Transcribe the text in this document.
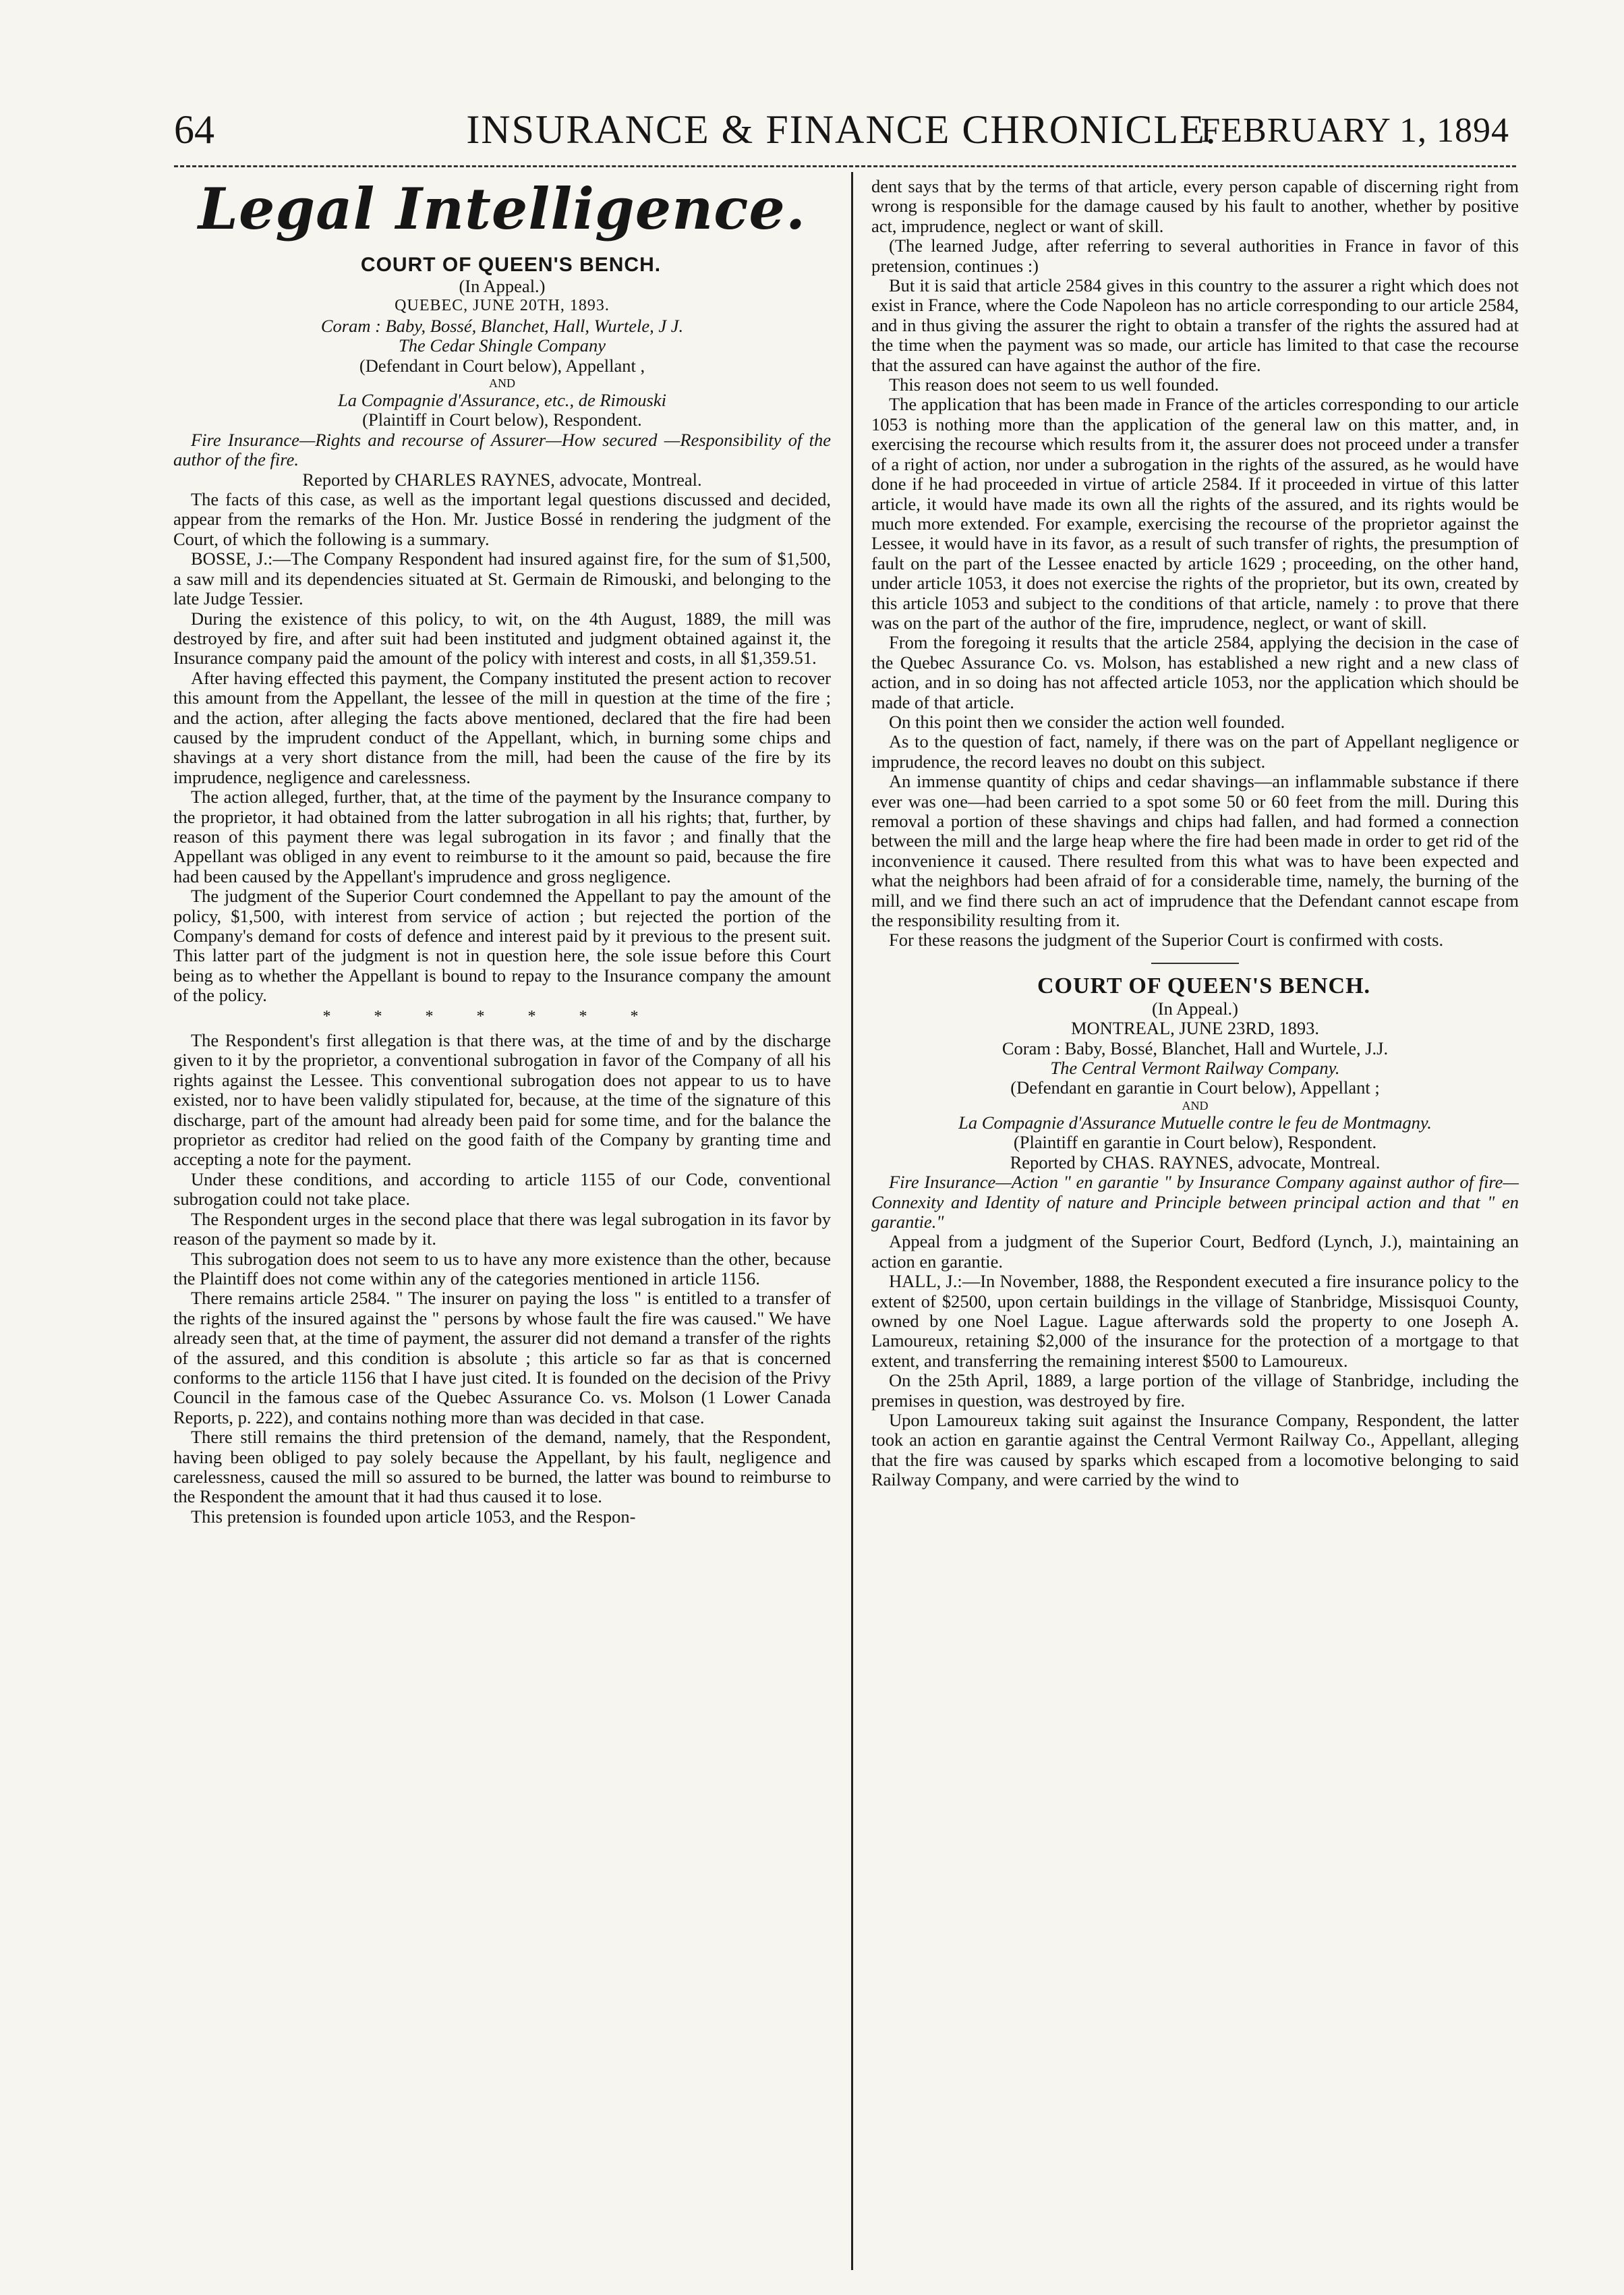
64	INSURANCE & FINANCE CHRONICLE.
FEBRUARY 1, 1894
Legal Intelligence.

COURT OF QUEEN'S BENCH.

(In Appeal.)

QUEBEC, JUNE 20TH, 1893.

Coram : Baby, Bossé, Blanchet, Hall, Wurtele, J J.

The Cedar Shingle Company

(Defendant in Court below), Appellant ,

AND

La Compagnie d'Assurance, etc., de Rimouski

(Plaintiff in Court below), Respondent.

Fire Insurance—Rights and recourse of Assurer—How secured —Responsibility of the author of the fire.

Reported by CHARLES RAYNES, advocate, Montreal.

The facts of this case, as well as the important legal questions discussed and decided, appear from the remarks of the Hon. Mr. Justice Bossé in rendering the judgment of the Court, of which the following is a summary.

BOSSE, J.:—The Company Respondent had insured against fire, for the sum of $1,500, a saw mill and its dependencies situated at St. Germain de Rimouski, and belonging to the late Judge Tessier.

During the existence of this policy, to wit, on the 4th August, 1889, the mill was destroyed by fire, and after suit had been instituted and judgment obtained against it, the Insurance company paid the amount of the policy with interest and costs, in all $1,359.51.

After having effected this payment, the Company instituted the present action to recover this amount from the Appellant, the lessee of the mill in question at the time of the fire ; and the action, after alleging the facts above mentioned, declared that the fire had been caused by the imprudent conduct of the Appellant, which, in burning some chips and shavings at a very short distance from the mill, had been the cause of the fire by its imprudence, negligence and carelessness.

The action alleged, further, that, at the time of the payment by the Insurance company to the proprietor, it had obtained from the latter subrogation in all his rights; that, further, by reason of this payment there was legal subrogation in its favor ; and finally that the Appellant was obliged in any event to reimburse to it the amount so paid, because the fire had been caused by the Appellant's imprudence and gross negligence.

The judgment of the Superior Court condemned the Appellant to pay the amount of the policy, $1,500, with interest from service of action ; but rejected the portion of the Company's demand for costs of defence and interest paid by it previous to the present suit. This latter part of the judgment is not in question here, the sole issue before this Court being as to whether the Appellant is bound to repay to the Insurance company the amount of the policy.

*******

The Respondent's first allegation is that there was, at the time of and by the discharge given to it by the proprietor, a conventional subrogation in favor of the Company of all his rights against the Lessee. This conventional subrogation does not appear to us to have existed, nor to have been validly stipulated for, because, at the time of the signature of this discharge, part of the amount had already been paid for some time, and for the balance the proprietor as creditor had relied on the good faith of the Company by granting time and accepting a note for the payment.

Under these conditions, and according to article 1155 of our Code, conventional subrogation could not take place.

The Respondent urges in the second place that there was legal subrogation in its favor by reason of the payment so made by it.

This subrogation does not seem to us to have any more existence than the other, because the Plaintiff does not come within any of the categories mentioned in article 1156.

There remains article 2584. " The insurer on paying the loss " is entitled to a transfer of the rights of the insured against the " persons by whose fault the fire was caused." We have already seen that, at the time of payment, the assurer did not demand a transfer of the rights of the assured, and this condition is absolute ; this article so far as that is concerned conforms to the article 1156 that I have just cited. It is founded on the decision of the Privy Council in the famous case of the Quebec Assurance Co. vs. Molson (1 Lower Canada Reports, p. 222), and contains nothing more than was decided in that case.

There still remains the third pretension of the demand, namely, that the Respondent, having been obliged to pay solely because the Appellant, by his fault, negligence and carelessness, caused the mill so assured to be burned, the latter was bound to reimburse to the Respondent the amount that it had thus caused it to lose.

This pretension is founded upon article 1053, and the Respon-

dent says that by the terms of that article, every person capable of discerning right from wrong is responsible for the damage caused by his fault to another, whether by positive act, imprudence, neglect or want of skill.

(The learned Judge, after referring to several authorities in France in favor of this pretension, continues :)

But it is said that article 2584 gives in this country to the assurer a right which does not exist in France, where the Code Napoleon has no article corresponding to our article 2584, and in thus giving the assurer the right to obtain a transfer of the rights the assured had at the time when the payment was so made, our article has limited to that case the recourse that the assured can have against the author of the fire.

This reason does not seem to us well founded.

The application that has been made in France of the articles corresponding to our article 1053 is nothing more than the application of the general law on this matter, and, in exercising the recourse which results from it, the assurer does not proceed under a transfer of a right of action, nor under a subrogation in the rights of the assured, as he would have done if he had proceeded in virtue of article 2584. If it proceeded in virtue of this latter article, it would have made its own all the rights of the assured, and its rights would be much more extended. For example, exercising the recourse of the proprietor against the Lessee, it would have in its favor, as a result of such transfer of rights, the presumption of fault on the part of the Lessee enacted by article 1629 ; proceeding, on the other hand, under article 1053, it does not exercise the rights of the proprietor, but its own, created by this article 1053 and subject to the conditions of that article, namely : to prove that there was on the part of the author of the fire, imprudence, neglect, or want of skill.

From the foregoing it results that the article 2584, applying the decision in the case of the Quebec Assurance Co. vs. Molson, has established a new right and a new class of action, and in so doing has not affected article 1053, nor the application which should be made of that article.

On this point then we consider the action well founded.

As to the question of fact, namely, if there was on the part of Appellant negligence or imprudence, the record leaves no doubt on this subject.

An immense quantity of chips and cedar shavings—an inflammable substance if there ever was one—had been carried to a spot some 50 or 60 feet from the mill. During this removal a portion of these shavings and chips had fallen, and had formed a connection between the mill and the large heap where the fire had been made in order to get rid of the inconvenience it caused. There resulted from this what was to have been expected and what the neighbors had been afraid of for a considerable time, namely, the burning of the mill, and we find there such an act of imprudence that the Defendant cannot escape from the responsibility resulting from it.

For these reasons the judgment of the Superior Court is confirmed with costs.

COURT OF QUEEN'S BENCH.

(In Appeal.)

MONTREAL, JUNE 23RD, 1893.

Coram : Baby, Bossé, Blanchet, Hall and Wurtele, J.J.

The Central Vermont Railway Company.

(Defendant en garantie in Court below), Appellant ;

AND

La Compagnie d'Assurance Mutuelle contre le feu de Montmagny.

(Plaintiff en garantie in Court below), Respondent.

Reported by CHAS. RAYNES, advocate, Montreal.

Fire Insurance—Action " en garantie " by Insurance Company against author of fire—Connexity and Identity of nature and Principle between principal action and that " en garantie."

Appeal from a judgment of the Superior Court, Bedford (Lynch, J.), maintaining an action en garantie.

HALL, J.:—In November, 1888, the Respondent executed a fire insurance policy to the extent of $2500, upon certain buildings in the village of Stanbridge, Missisquoi County, owned by one Noel Lague. Lague afterwards sold the property to one Joseph A. Lamoureux, retaining $2,000 of the insurance for the protection of a mortgage to that extent, and transferring the remaining interest $500 to Lamoureux.

On the 25th April, 1889, a large portion of the village of Stanbridge, including the premises in question, was destroyed by fire.

Upon Lamoureux taking suit against the Insurance Company, Respondent, the latter took an action en garantie against the Central Vermont Railway Co., Appellant, alleging that the fire was caused by sparks which escaped from a locomotive belonging to said Railway Company, and were carried by the wind to
